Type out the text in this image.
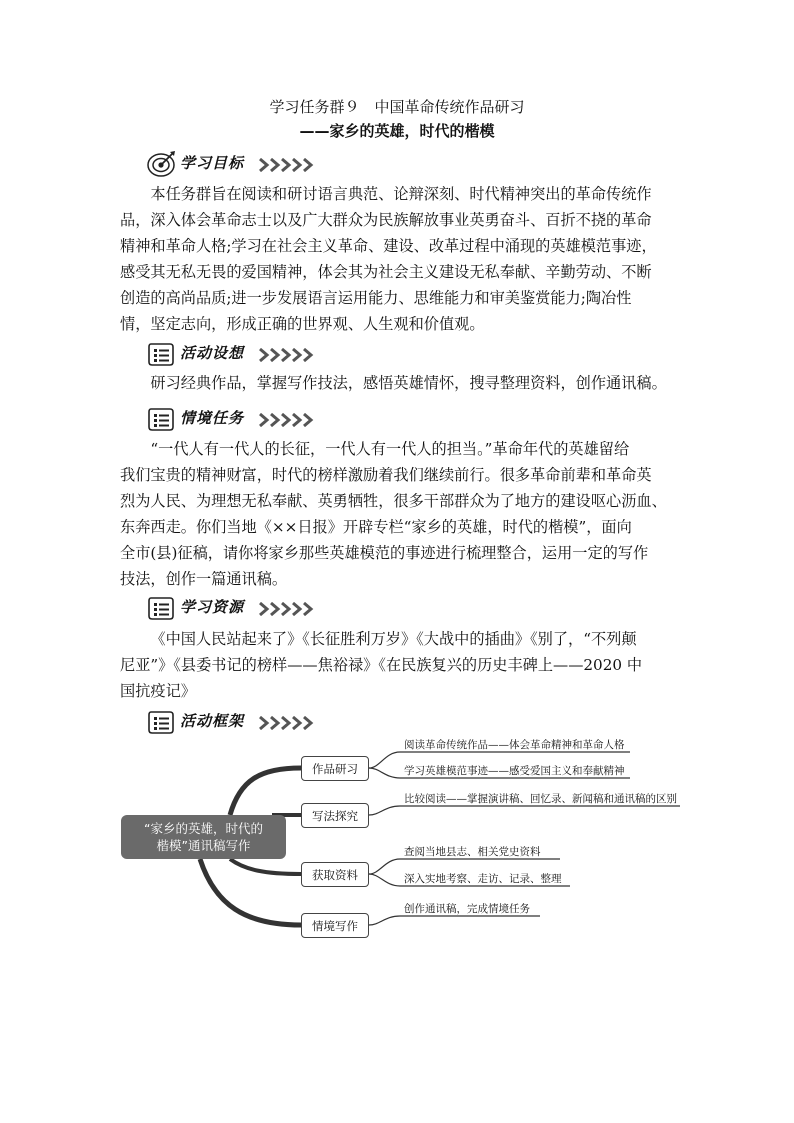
学习任务群９　中国革命传统作品研习
——家乡的英雄，时代的楷模
学习目标
本任务群旨在阅读和研讨语言典范、论辩深刻、时代精神突出的革命传统作
品，深入体会革命志士以及广大群众为民族解放事业英勇奋斗、百折不挠的革命
精神和革命人格;学习在社会主义革命、建设、改革过程中涌现的英雄模范事迹，
感受其无私无畏的爱国精神，体会其为社会主义建设无私奉献、辛勤劳动、不断
创造的高尚品质;进一步发展语言运用能力、思维能力和审美鉴赏能力;陶冶性
情，坚定志向，形成正确的世界观、人生观和价值观。
活动设想
研习经典作品，掌握写作技法，感悟英雄情怀，搜寻整理资料，创作通讯稿。
情境任务
“一代人有一代人的长征，一代人有一代人的担当。”革命年代的英雄留给
我们宝贵的精神财富，时代的榜样激励着我们继续前行。很多革命前辈和革命英
烈为人民、为理想无私奉献、英勇牺牲，很多干部群众为了地方的建设呕心沥血、
东奔西走。你们当地《××日报》开辟专栏“家乡的英雄，时代的楷模”，面向
全市(县)征稿，请你将家乡那些英雄模范的事迹进行梳理整合，运用一定的写作
技法，创作一篇通讯稿。
学习资源
《中国人民站起来了》《长征胜利万岁》《大战中的插曲》《别了，“不列颠
尼亚”》《县委书记的榜样——焦裕禄》《在民族复兴的历史丰碑上——2020 中
国抗疫记》
活动框架
“家乡的英雄，时代的
楷模”通讯稿写作
作品研习
写法探究
获取资料
情境写作
阅读革命传统作品——体会革命精神和革命人格
学习英雄模范事迹——感受爱国主义和奉献精神
比较阅读——掌握演讲稿、回忆录、新闻稿和通讯稿的区别
查阅当地县志、相关党史资料
深入实地考察、走访、记录、整理
创作通讯稿，完成情境任务
